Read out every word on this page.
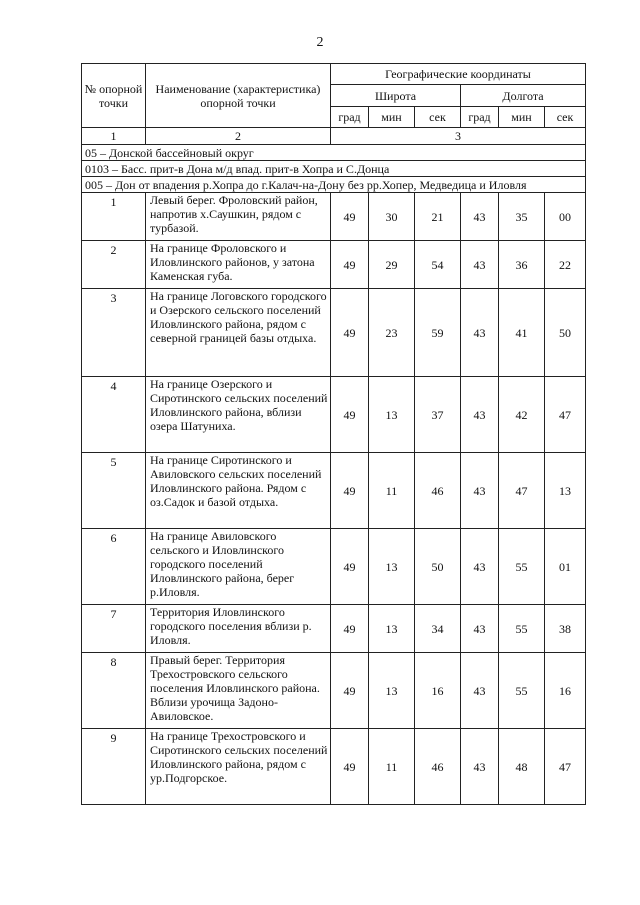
2
№ опорной точки	Наименование (характеристика) опорной точки	Географические координаты					
		Широта			Долгота		
		град	мин	сек	град	мин	сек
1	2	3					
05 – Донской бассейновый округ							
0103 – Басс. прит-в Дона м/д впад. прит-в Хопра и С.Донца							
005 – Дон от впадения р.Хопра до г.Калач-на-Дону без рр.Хопер, Медведица и Иловля							
1	Левый берег. Фроловский район, напротив х.Саушкин, рядом с турбазой.	49	30	21	43	35	00
2	На границе Фроловского и Иловлинского районов, у затона Каменская губа.	49	29	54	43	36	22
3	На границе Логовского городского и Озерского сельского поселений Иловлинского района, рядом с северной границей базы отдыха.	49	23	59	43	41	50
4	На границе Озерского и Сиротинского сельских поселений Иловлинского района, вблизи озера Шатуниха.	49	13	37	43	42	47
5	На границе Сиротинского и Авиловского сельских поселений Иловлинского района. Рядом с оз.Садок и базой отдыха.	49	11	46	43	47	13
6	На границе Авиловского сельского и Иловлинского городского поселений Иловлинского района, берег р.Иловля.	49	13	50	43	55	01
7	Территория Иловлинского городского поселения вблизи р. Иловля.	49	13	34	43	55	38
8	Правый берег. Территория Трехостровского сельского поселения Иловлинского района. Вблизи урочища Задоно-Авиловское.	49	13	16	43	55	16
9	На границе Трехостровского и Сиротинского сельских поселений Иловлинского района, рядом с ур.Подгорское.	49	11	46	43	48	47
